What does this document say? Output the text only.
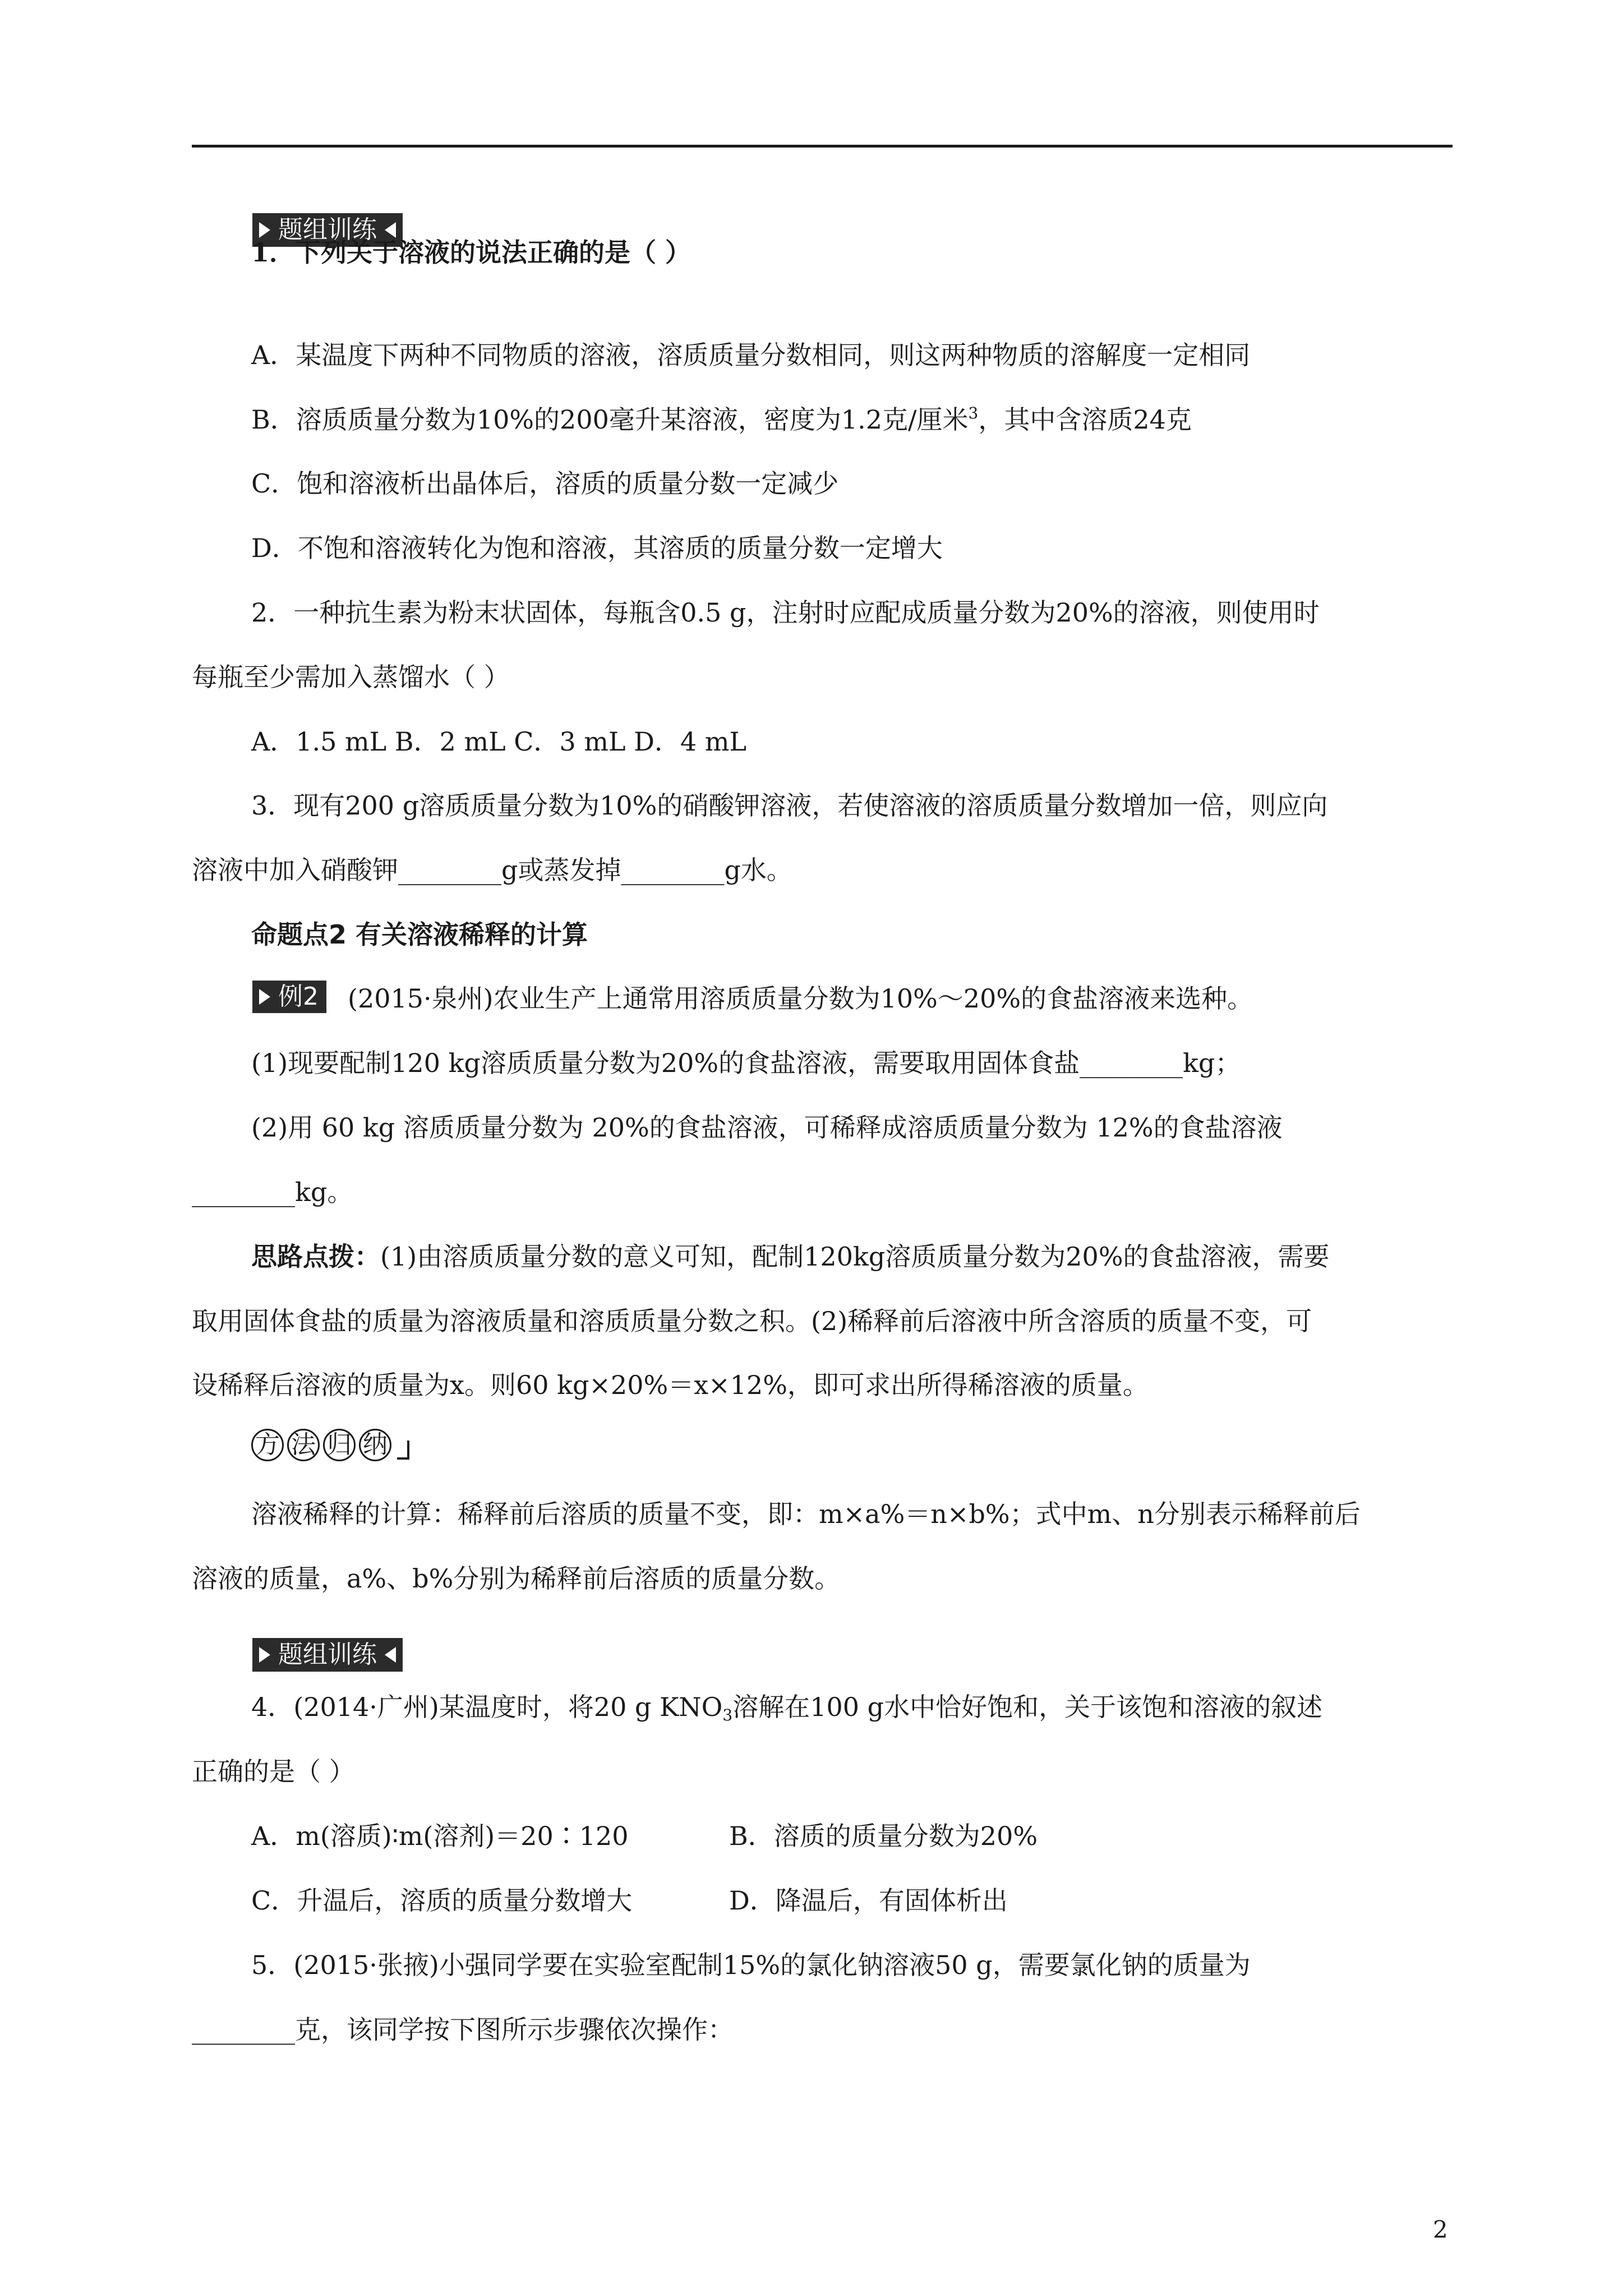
题组训练
1．下列关于溶液的说法正确的是（ ）
A．某温度下两种不同物质的溶液，溶质质量分数相同，则这两种物质的溶解度一定相同
B．溶质质量分数为10%的200毫升某溶液，密度为1.2克/厘米$^3$，其中含溶质24克
C．饱和溶液析出晶体后，溶质的质量分数一定减少
D．不饱和溶液转化为饱和溶液，其溶质的质量分数一定增大
2．一种抗生素为粉末状固体，每瓶含0.5 g，注射时应配成质量分数为20%的溶液，则使用时
每瓶至少需加入蒸馏水（ ）
A．1.5 mL B．2 mL C．3 mL D．4 mL
3．现有200 g溶质质量分数为10%的硝酸钾溶液，若使溶液的溶质质量分数增加一倍，则应向
溶液中加入硝酸钾________g或蒸发掉________g水。
命题点2 有关溶液稀释的计算
例2 (2015·泉州)农业生产上通常用溶质质量分数为10%～20%的食盐溶液来选种。
(1)现要配制120 kg溶质质量分数为20%的食盐溶液，需要取用固体食盐________kg；
(2)用 60 kg 溶质质量分数为 20%的食盐溶液，可稀释成溶质质量分数为 12%的食盐溶液
________kg。
思路点拨：(1)由溶质质量分数的意义可知，配制120kg溶质质量分数为20%的食盐溶液，需要
取用固体食盐的质量为溶液质量和溶质质量分数之积。(2)稀释前后溶液中所含溶质的质量不变，可
设稀释后溶液的质量为x。则60 kg×20%＝x×12%，即可求出所得稀溶液的质量。
方 法 归 纳
溶液稀释的计算：稀释前后溶质的质量不变，即：m×a%＝n×b%；式中m、n分别表示稀释前后
溶液的质量，a%、b%分别为稀释前后溶质的质量分数。
题组训练
4．(2014·广州)某温度时，将20 g $KNO_3$溶解在100 g水中恰好饱和，关于该饱和溶液的叙述
正确的是（ ）
A．m(溶质)∶m(溶剂)＝20∶120	B．溶质的质量分数为20%
C．升温后，溶质的质量分数增大	D．降温后，有固体析出
5．(2015·张掖)小强同学要在实验室配制15%的氯化钠溶液50 g，需要氯化钠的质量为
________克，该同学按下图所示步骤依次操作：
2
